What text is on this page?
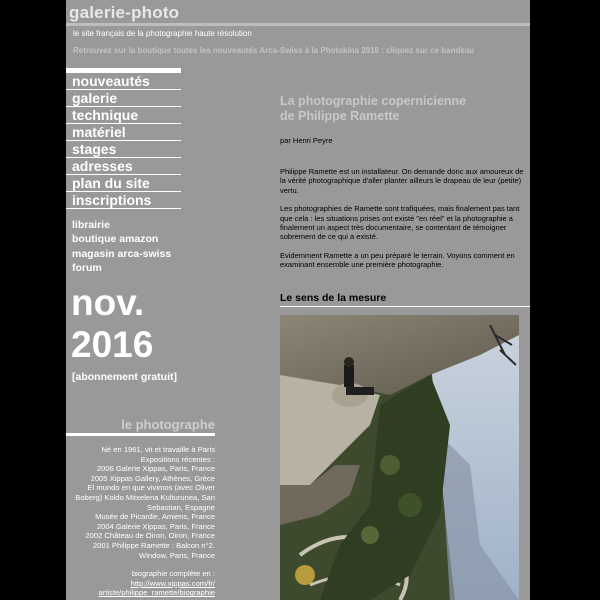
galerie-photo
le site français de la photographie haute résolution
Retrouvez sur la boutique toutes les nouveautés Arca-Swiss à la Photokina 2016 : cliquez sur ce bandeau
nouveautés
galerie
technique
matériel
stages
adresses
plan du site
inscriptions
librairie
boutique amazon
magasin arca-swiss
forum
nov.
2016
[abonnement gratuit]
le photographe
Né en 1961, vit et travaille à Paris
Expositions récentes :
2006 Galerie Xippas, Paris, France
2005 Xippas Gallery, Athènes, Grèce
El mundo en que vivimos (avec Oliver
Boberg) Koldo Mitxelena Kulturunea, San
Sebastian, Espagne
Musée de Picardie, Amiens, France
2004 Galerie Xippas, Paris, France
2002 Château de Oiron, Oiron, France
2001 Philippe Ramette : Balcon n°2.
Window, Paris, France
biographie complète en :
http://www.xippas.com/fr/
artiste/philippe_ramette/biographie
La photographie copernicienne
de Philippe Ramette
par Henri Peyre

Philippe Ramette est un installateur. On demande donc aux amoureux de la vérité photographique d'aller planter ailleurs le drapeau de leur (petite) vertu.

Les photographies de Ramette sont trafiquées, mais finalement pas tant que cela : les situations prises ont existé "en réel" et la photographie a finalement un aspect très documentaire, se contentant de témoigner sobrement de ce qui a existé.

Evidemment Ramette a un peu préparé le terrain. Voyons comment en examinant ensemble une première photographie.

Le sens de la mesure
